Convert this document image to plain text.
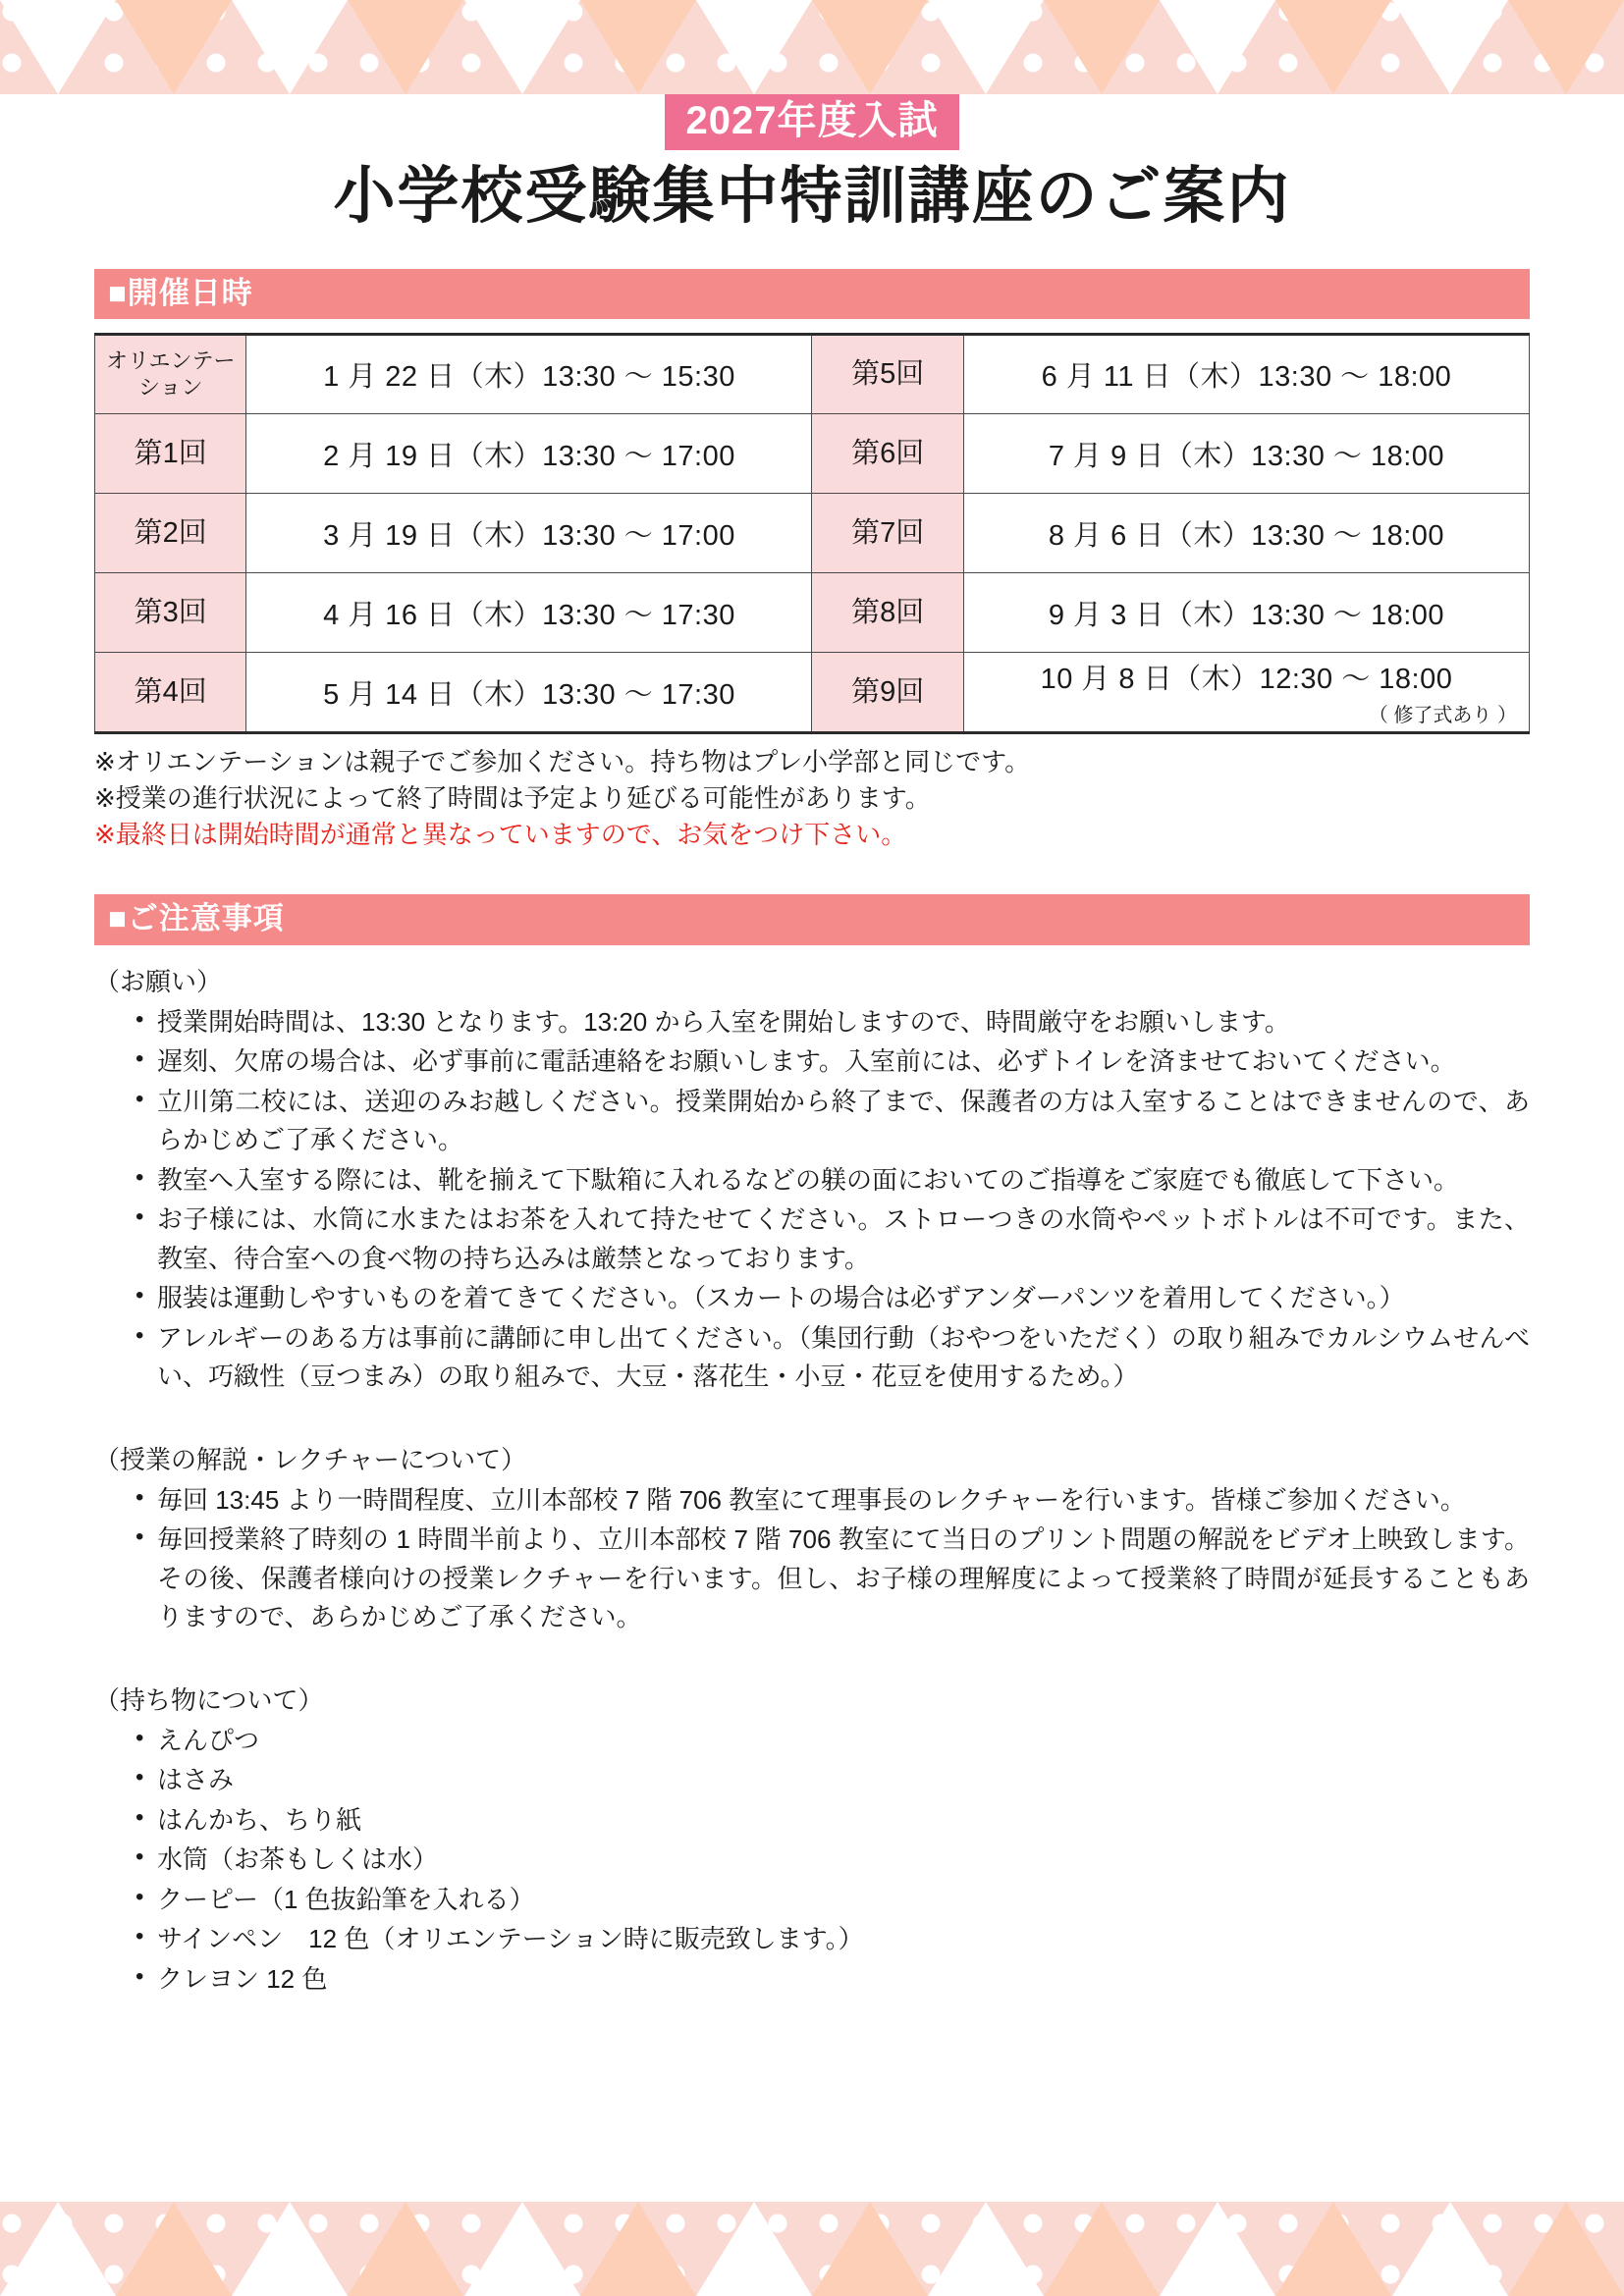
2027年度入試
小学校受験集中特訓講座のご案内
■開催日時
オリエンテーション	1 月 22 日（木）13:30 〜 15:30	第5回	6 月 11 日（木）13:30 〜 18:00
第1回	2 月 19 日（木）13:30 〜 17:00	第6回	7 月 9 日（木）13:30 〜 18:00
第2回	3 月 19 日（木）13:30 〜 17:00	第7回	8 月 6 日（木）13:30 〜 18:00
第3回	4 月 16 日（木）13:30 〜 17:30	第8回	9 月 3 日（木）13:30 〜 18:00
第4回	5 月 14 日（木）13:30 〜 17:30	第9回	10 月 8 日（木）12:30 〜 18:00
（ 修了式あり ）
※オリエンテーションは親子でご参加ください。持ち物はプレ小学部と同じです。
※授業の進行状況によって終了時間は予定より延びる可能性があります。
※最終日は開始時間が通常と異なっていますので、お気をつけ下さい。
■ご注意事項
（お願い）
• 授業開始時間は、13:30 となります。13:20 から入室を開始しますので、時間厳守をお願いします。
• 遅刻、欠席の場合は、必ず事前に電話連絡をお願いします。入室前には、必ずトイレを済ませておいてください。
• 立川第二校には、送迎のみお越しください。授業開始から終了まで、保護者の方は入室することはできませんので、あらかじめご了承ください。
• 教室へ入室する際には、靴を揃えて下駄箱に入れるなどの躾の面においてのご指導をご家庭でも徹底して下さい。
• お子様には、水筒に水またはお茶を入れて持たせてください。ストローつきの水筒やペットボトルは不可です。また、教室、待合室への食べ物の持ち込みは厳禁となっております。
• 服装は運動しやすいものを着てきてください。（スカートの場合は必ずアンダーパンツを着用してください。）
• アレルギーのある方は事前に講師に申し出てください。（集団行動（おやつをいただく）の取り組みでカルシウムせんべい、巧緻性（豆つまみ）の取り組みで、大豆・落花生・小豆・花豆を使用するため。）
（授業の解説・レクチャーについて）
• 毎回 13:45 より一時間程度、立川本部校 7 階 706 教室にて理事長のレクチャーを行います。皆様ご参加ください。
• 毎回授業終了時刻の 1 時間半前より、立川本部校 7 階 706 教室にて当日のプリント問題の解説をビデオ上映致します。その後、保護者様向けの授業レクチャーを行います。但し、お子様の理解度によって授業終了時間が延長することもありますので、あらかじめご了承ください。
（持ち物について）
• えんぴつ
• はさみ
• はんかち、ちり紙
• 水筒（お茶もしくは水）
• クーピー（1 色抜鉛筆を入れる）
• サインペン　12 色（オリエンテーション時に販売致します。）
• クレヨン 12 色
